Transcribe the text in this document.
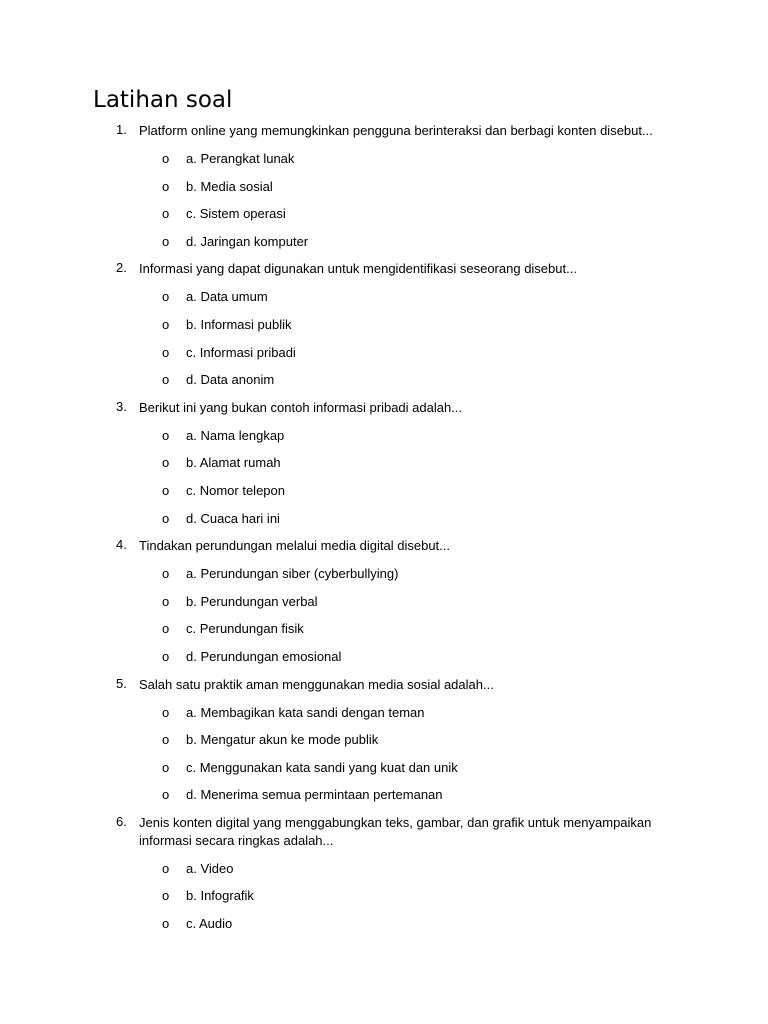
Latihan soal
1. Platform online yang memungkinkan pengguna berinteraksi dan berbagi konten disebut...
o a. Perangkat lunak
o b. Media sosial
o c. Sistem operasi
o d. Jaringan komputer
2. Informasi yang dapat digunakan untuk mengidentifikasi seseorang disebut...
o a. Data umum
o b. Informasi publik
o c. Informasi pribadi
o d. Data anonim
3. Berikut ini yang bukan contoh informasi pribadi adalah...
o a. Nama lengkap
o b. Alamat rumah
o c. Nomor telepon
o d. Cuaca hari ini
4. Tindakan perundungan melalui media digital disebut...
o a. Perundungan siber (cyberbullying)
o b. Perundungan verbal
o c. Perundungan fisik
o d. Perundungan emosional
5. Salah satu praktik aman menggunakan media sosial adalah...
o a. Membagikan kata sandi dengan teman
o b. Mengatur akun ke mode publik
o c. Menggunakan kata sandi yang kuat dan unik
o d. Menerima semua permintaan pertemanan
6. Jenis konten digital yang menggabungkan teks, gambar, dan grafik untuk menyampaikan informasi secara ringkas adalah...
o a. Video
o b. Infografik
o c. Audio
